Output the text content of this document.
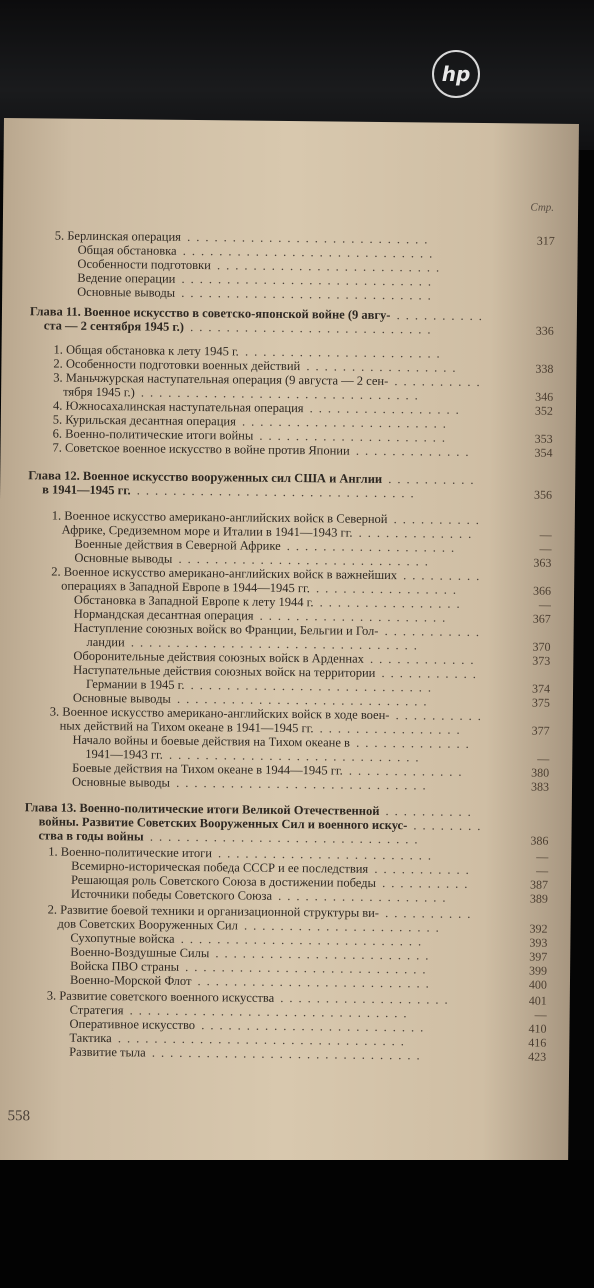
hp
Стр.
5. Берлинская операция	317
...........................
Общая обстановка ............................
Особенности подготовки .........................
Ведение операции ............................
Основные выводы ............................
Глава 11. Военное искусство в советско-японской войне (9 авгу- ..........
ста — 2 сентября 1945 г.)	336
...........................
1. Общая обстановка к лету 1945 г. ......................
2. Особенности подготовки военных действий	338
.................
3. Маньчжурская наступательная операция (9 августа — 2 сен- ..........
тября 1945 г.)	346
...............................
4. Южносахалинская наступательная операция	352
.................
5. Курильская десантная операция .......................
6. Военно-политические итоги войны	353
.....................
7. Советское военное искусство в войне против Японии	354
.............
Глава 12. Военное искусство вооруженных сил США и Англии ..........
в 1941—1945 гг.	356
...............................
1. Военное искусство американо-английских войск в Северной ..........
Африке, Средиземном море и Италии в 1941—1943 гг.	—
.............
Военные действия в Северной Африке	—
...................
Основные выводы	363
............................
2. Военное искусство американо-английских войск в важнейших .........
операциях в Западной Европе в 1944—1945 гг.	366
................
Обстановка в Западной Европе к лету 1944 г.	—
................
Нормандская десантная операция	367
.....................
Наступление союзных войск во Франции, Бельгии и Гол- ...........
ландии	370
................................
Оборонительные действия союзных войск в Арденнах	373
............
Наступательные действия союзных войск на территории ...........
Германии в 1945 г.	374
...........................
Основные выводы	375
............................
3. Военное искусство американо-английских войск в ходе воен- ..........
ных действий на Тихом океане в 1941—1945 гг.	377
................
Начало войны и боевые действия на Тихом океане в .............
1941—1943 гг.	—
............................
Боевые действия на Тихом океане в 1944—1945 гг.	380
.............
Основные выводы	383
............................
Глава 13. Военно-политические итоги Великой Отечественной ..........
войны. Развитие Советских Вооруженных Сил и военного искус- ........
ства в годы войны	386
..............................
1. Военно-политические итоги	—
........................
Всемирно-историческая победа СССР и ее последствия	—
...........
Решающая роль Советского Союза в достижении победы	387
..........
Источники победы Советского Союза	389
...................
2. Развитие боевой техники и организационной структуры ви- ..........
дов Советских Вооруженных Сил	392
......................
Сухопутные войска	393
...........................
Военно-Воздушные Силы	397
........................
Войска ПВО страны	399
...........................
Военно-Морской Флот	400
..........................
3. Развитие советского военного искусства	401
...................
Стратегия	—
...............................
Оперативное искусство	410
.........................
Тактика	416
................................
Развитие тыла	423
..............................
558
